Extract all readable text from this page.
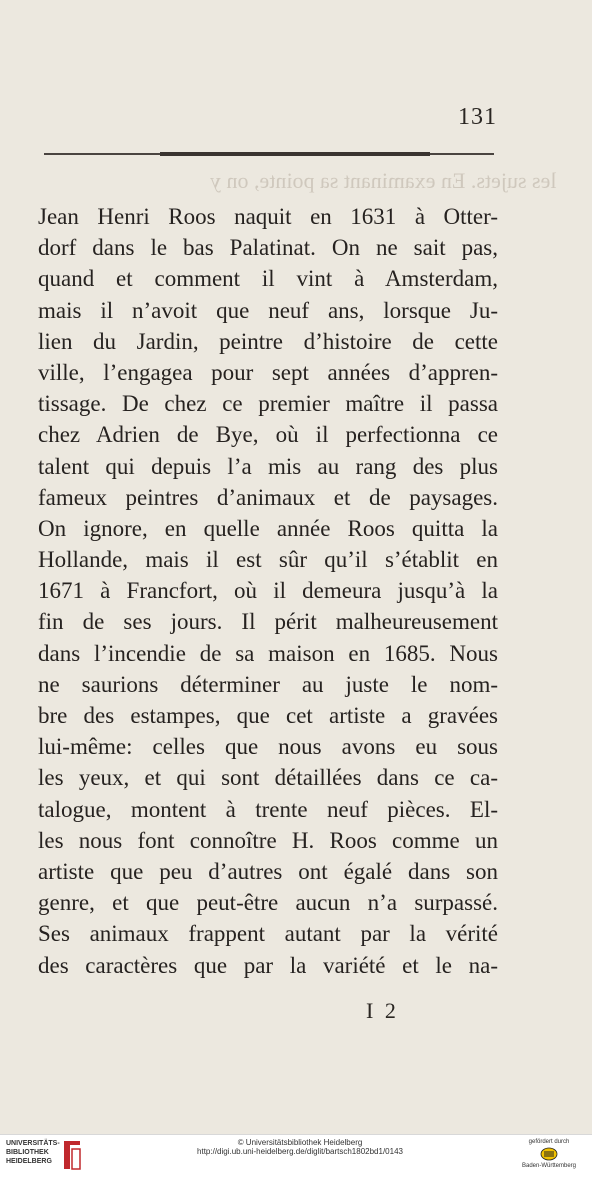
131
les sujets. En examinant sa pointe, on y
Jean Henri Roos naquit en 1631 à Otter-
dorf dans le bas Palatinat. On ne sait pas,
quand et comment il vint à Amsterdam,
mais il n’avoit que neuf ans, lorsque Ju-
lien du Jardin, peintre d’histoire de cette
ville, l’engagea pour sept années d’appren-
tissage. De chez ce premier maître il passa
chez Adrien de Bye, où il perfectionna ce
talent qui depuis l’a mis au rang des plus
fameux peintres d’animaux et de paysages.
On ignore, en quelle année Roos quitta la
Hollande, mais il est sûr qu’il s’établit en
1671 à Francfort, où il demeura jusqu’à la
fin de ses jours. Il périt malheureusement
dans l’incendie de sa maison en 1685. Nous
ne saurions déterminer au juste le nom-
bre des estampes, que cet artiste a gravées
lui-même: celles que nous avons eu sous
les yeux, et qui sont détaillées dans ce ca-
talogue, montent à trente neuf pièces. El-
les nous font connoître H. Roos comme un
artiste que peu d’autres ont égalé dans son
genre, et que peut-être aucun n’a surpassé.
Ses animaux frappent autant par la vérité
des caractères que par la variété et le na-
I 2
UNIVERSITÄTS-
BIBLIOTHEK
HEIDELBERG
© Universitätsbibliothek Heidelberg
http://digi.ub.uni-heidelberg.de/diglit/bartsch1802bd1/0143
gefördert durch
Baden-Württemberg
